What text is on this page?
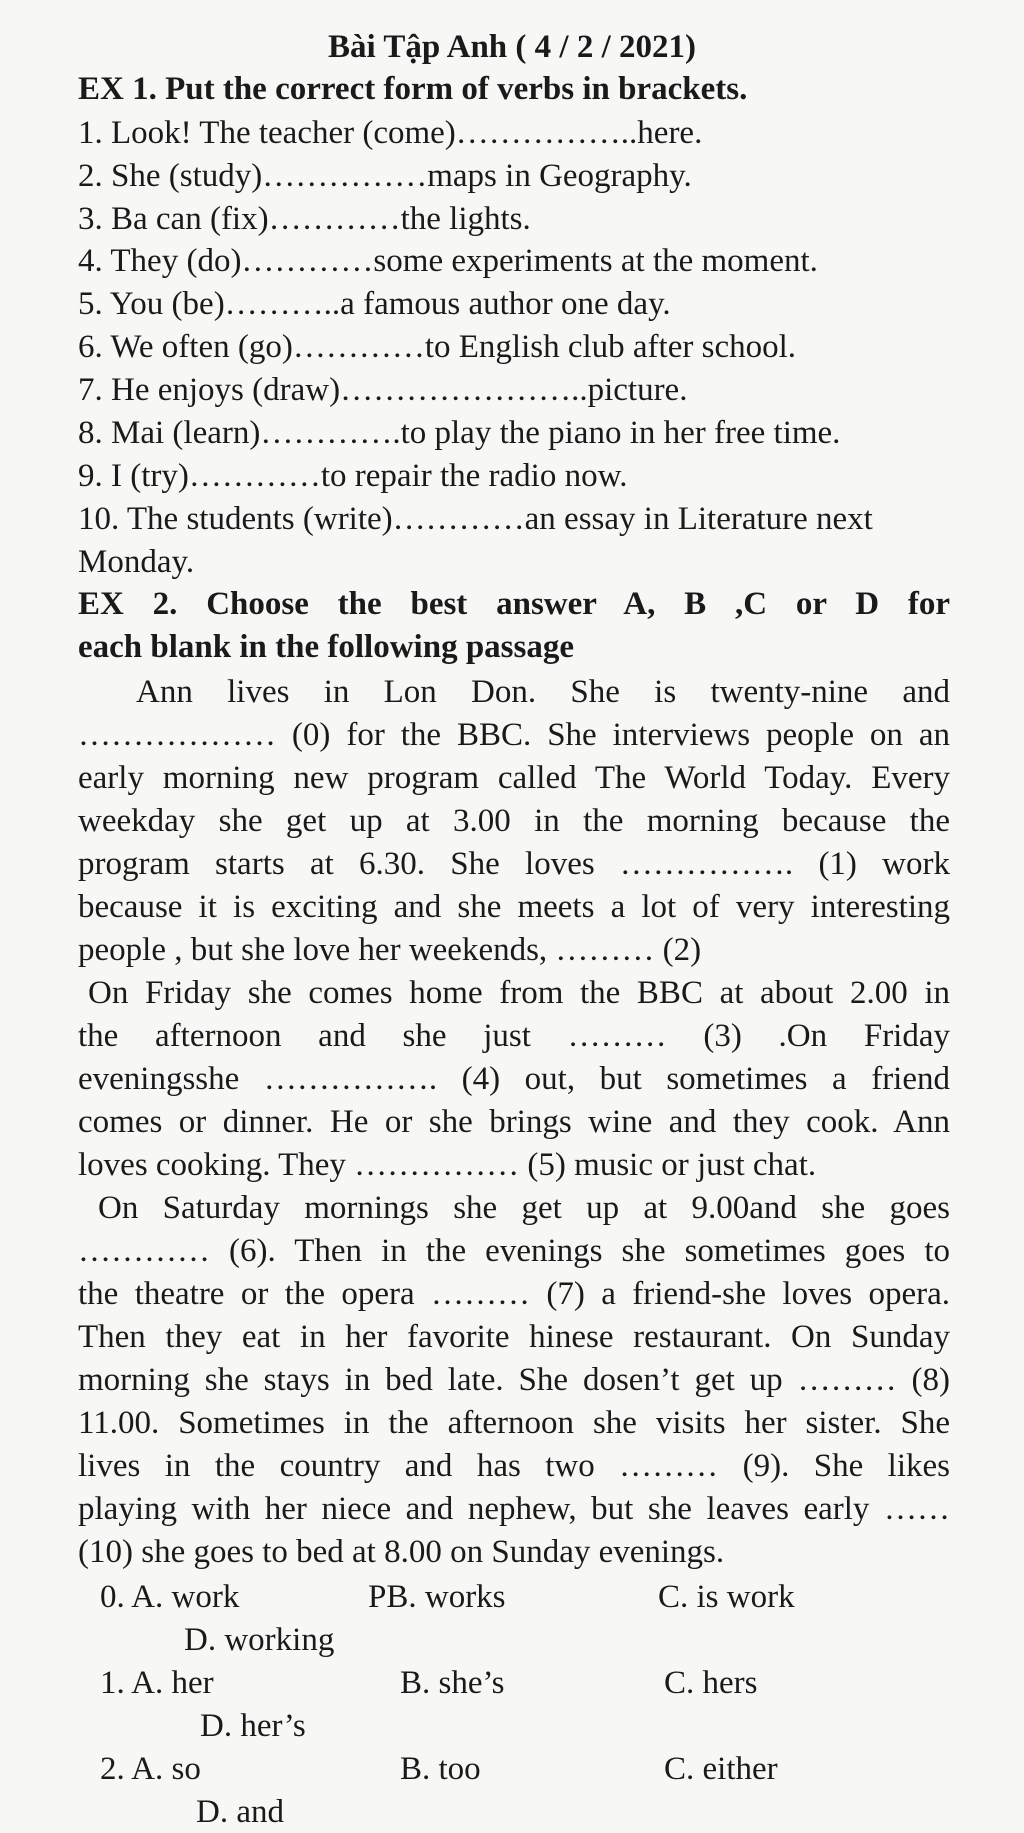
Bài Tập Anh ( 4 / 2 / 2021)
EX 1. Put the correct form of verbs in brackets.
1. Look! The teacher (come)……………..here.
2. She (study)……………maps in Geography.
3. Ba can (fix)…………the lights.
4. They (do)…………some experiments at the moment.
5. You (be)………..a famous author one day.
6. We often (go)…………to English club after school.
7. He enjoys (draw)…………………..picture.
8. Mai (learn)………….to play the piano in her free time.
9. I (try)…………to repair the radio now.
10. The students (write)…………an essay in Literature next
Monday.
EX 2. Choose the best answer A, B ,C or D for
each blank in the following passage
Ann lives in Lon Don. She is twenty-nine and
……………… (0) for the BBC. She interviews people on an
early morning new program called The World Today. Every
weekday she get up at 3.00 in the morning because the
program starts at 6.30. She loves ……………. (1) work
because it is exciting and she meets a lot of very interesting
people , but she love her weekends, ……… (2)
On Friday she comes home from the BBC at about 2.00 in
the afternoon and she just ……… (3) .On Friday
eveningsshe ……………. (4) out, but sometimes a friend
comes or dinner. He or she brings wine and they cook. Ann
loves cooking. They …………… (5) music or just chat.
On Saturday mornings she get up at 9.00and she goes
………… (6). Then in the evenings she sometimes goes to
the theatre or the opera ……… (7) a friend-she loves opera.
Then they eat in her favorite hinese restaurant. On Sunday
morning she stays in bed late. She dosen’t get up ……… (8)
11.00. Sometimes in the afternoon she visits her sister. She
lives in the country and has two ……… (9). She likes
playing with her niece and nephew, but she leaves early ……
(10) she goes to bed at 8.00 on Sunday evenings.
0. A. work	PB. works	C. is work
D. working
1. A. her	B. she’s	C. hers
D. her’s
2. A. so	B. too	C. either
D. and
